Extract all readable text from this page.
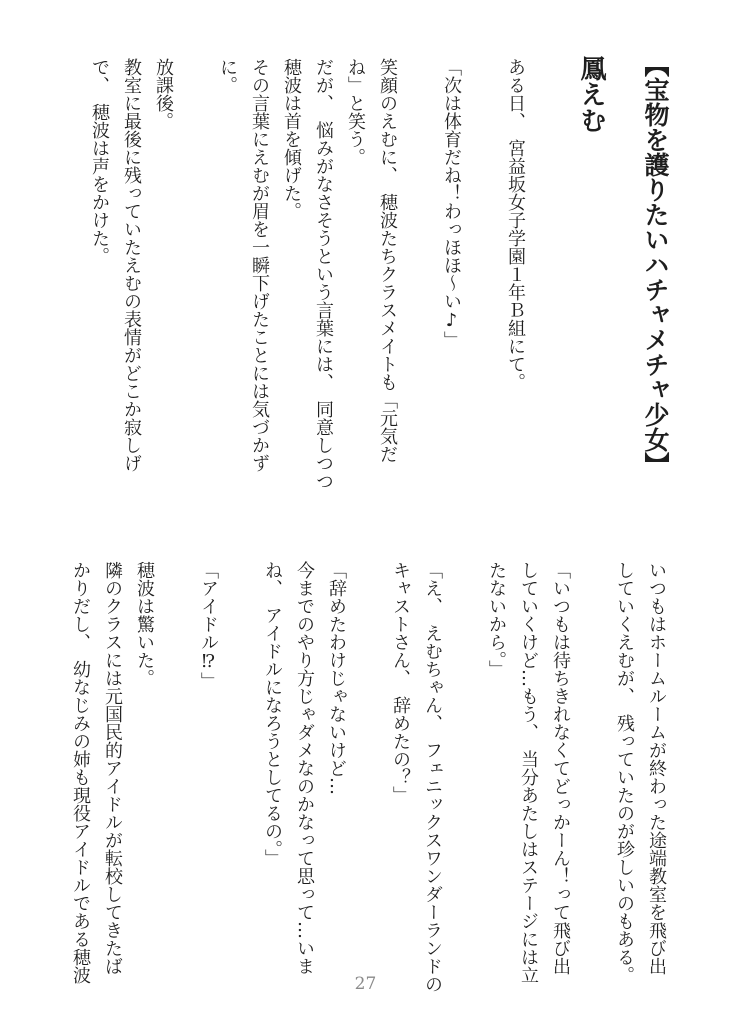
【宝物を護りたいハチャメチャ少女】
鳳えむ
ある日、　宮益坂女子学園１年Ｂ組にて。
「次は体育だね！わっほほ〜い♪」
笑顔のえむに、　穂波たちクラスメイトも「元気だ
ね」と笑う。
だが、　悩みがなさそうという言葉には、　同意しつつ
穂波は首を傾げた。
その言葉にえむが眉を一瞬下げたことには気づかず
に。
放課後。
教室に最後に残っていたえむの表情がどこか寂しげ
で、　穂波は声をかけた。
いつもはホームルームが終わった途端教室を飛び出
していくえむが、　残っていたのが珍しいのもある。
「いつもは待ちきれなくてどっかーん！って飛び出
していくけど…もう、　当分あたしはステージには立
たないから。」
「え、　えむちゃん、　フェニックスワンダーランドの
キャストさん、　辞めたの？」
「辞めたわけじゃないけど…
今までのやり方じゃダメなのかなって思って…いま
ね、　アイドルになろうとしてるの。」
「アイドル⁉」
穂波は驚いた。
隣のクラスには元国民的アイドルが転校してきたば
かりだし、　幼なじみの姉も現役アイドルである穂波	27
